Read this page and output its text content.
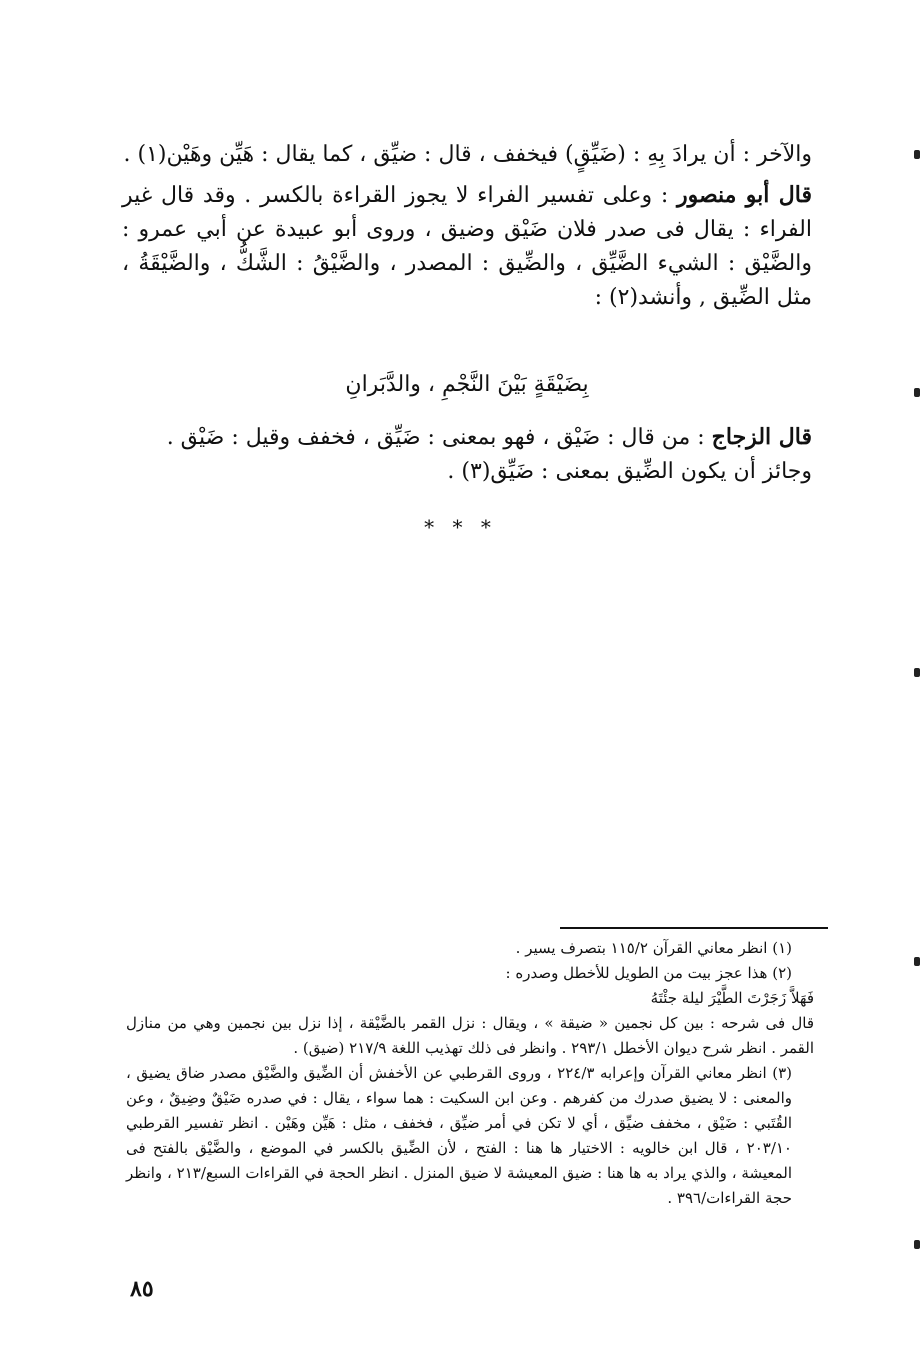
والآخر : أن يرادَ بِهِ : (ضَيِّقٍ) فيخفف ، قال : ضيِّق ، كما يقال : هَيِّن وهَيْن(١) .

قال أبو منصور : وعلى تفسير الفراء لا يجوز القراءة بالكسر . وقد قال غير الفراء : يقال فى صدر فلان ضَيْق وضيق ، وروى أبو عبيدة عن أبي عمرو : والضَّيْق : الشيء الضَّيِّق ، والضِّيق : المصدر ، والضَّيْقُ : الشَّكُّ ، والضَّيْقَةُ ، مثل الضِّيق , وأنشد(٢) :

بِضَيْقَةٍ بَيْنَ النَّجْمِ ، والدَّبَرانِ

قال الزجاج : من قال : ضَيْق ، فهو بمعنى : ضَيِّق ، فخفف وقيل : ضَيْق .

وجائز أن يكون الضِّيق بمعنى : ضَيِّق(٣) .

* * *

(١) انظر معاني القرآن ١١٥/٢ بتصرف يسير .

(٢) هذا عجز بيت من الطويل للأخطل وصدره :

فَهَلاَّ زَجَرْتَ الطَّيْرَ ليلة جئْتَهُ

قال فى شرحه : بين كل نجمين « ضيقة » ، ويقال : نزل القمر بالضَّيْقة ، إذا نزل بين نجمين وهي من منازل القمر . انظر شرح ديوان الأخطل ٢٩٣/١ . وانظر فى ذلك تهذيب اللغة ٢١٧/٩ (ضيق) .

(٣) انظر معاني القرآن وإعرابه ٢٢٤/٣ ، وروى القرطبي عن الأخفش أن الضِّيق والضَّيْق مصدر ضاق يضيق ، والمعنى : لا يضيق صدرك من كفرهم . وعن ابن السكيت : هما سواء ، يقال : في صدره ضَيْقٌ وضِيقٌ ، وعن القُتَبي : ضَيْق ، مخفف ضيِّق ، أي لا تكن في أمر ضيِّق ، فخفف ، مثل : هَيِّن وهَيْن . انظر تفسير القرطبي ٢٠٣/١٠ ، قال ابن خالويه : الاختيار ها هنا : الفتح ، لأن الضِّيق بالكسر في الموضع ، والضَّيْق بالفتح فى المعيشة ، والذي يراد به ها هنا : ضيق المعيشة لا ضيق المنزل . انظر الحجة في القراءات السبع/٢١٣ ، وانظر حجة القراءات/٣٩٦ .

٨٥
